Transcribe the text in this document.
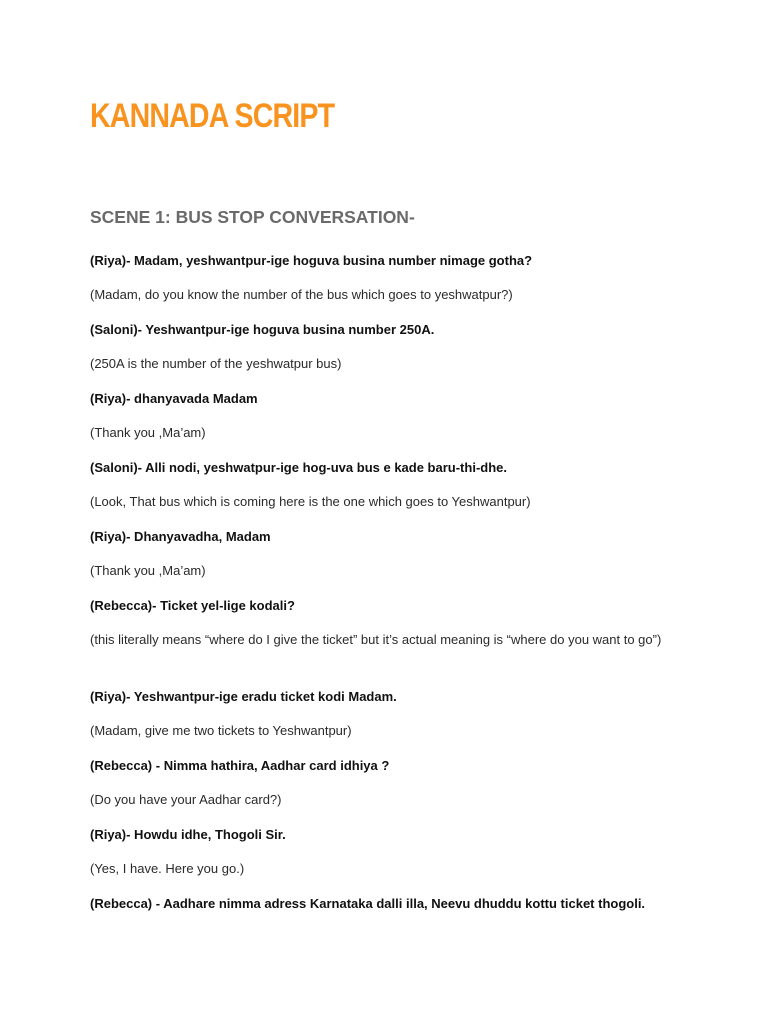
KANNADA SCRIPT
SCENE 1: BUS STOP CONVERSATION-
(Riya)- Madam, yeshwantpur-ige hoguva busina number nimage gotha?
(Madam, do you know the number of the bus which goes to yeshwatpur?)
(Saloni)- Yeshwantpur-ige hoguva busina number 250A.
(250A is the number of the yeshwatpur bus)
(Riya)- dhanyavada Madam
(Thank you ,Ma’am)
(Saloni)- Alli nodi, yeshwatpur-ige hog-uva bus e kade baru-thi-dhe.
(Look, That bus which is coming here is the one which goes to Yeshwantpur)
(Riya)- Dhanyavadha, Madam
(Thank you ,Ma’am)
(Rebecca)- Ticket yel-lige kodali?
(this literally means “where do I give the ticket” but it’s actual meaning is “where do you want to go”)
(Riya)- Yeshwantpur-ige eradu ticket kodi Madam.
(Madam, give me two tickets to Yeshwantpur)
(Rebecca) - Nimma hathira, Aadhar card idhiya ?
(Do you have your Aadhar card?)
(Riya)- Howdu idhe, Thogoli Sir.
(Yes, I have. Here you go.)
(Rebecca) - Aadhare nimma adress Karnataka dalli illa, Neevu dhuddu kottu ticket thogoli.
